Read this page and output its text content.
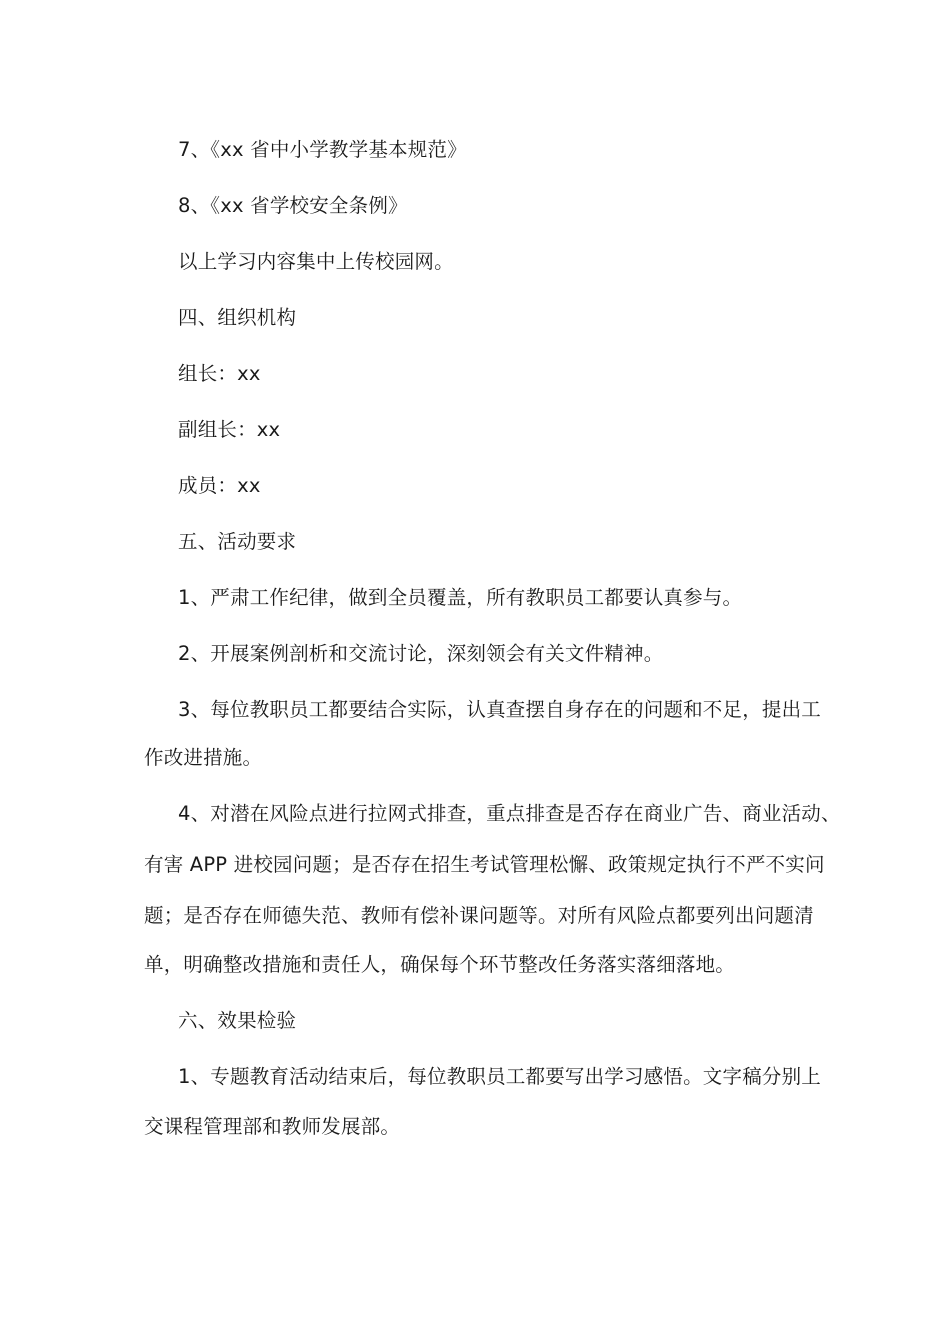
7、《xx 省中小学教学基本规范》
8、《xx 省学校安全条例》
以上学习内容集中上传校园网。
四、组织机构
组长：xx
副组长：xx
成员：xx
五、活动要求
1、严肃工作纪律，做到全员覆盖，所有教职员工都要认真参与。
2、开展案例剖析和交流讨论，深刻领会有关文件精神。
3、每位教职员工都要结合实际，认真查摆自身存在的问题和不足，提出工
作改进措施。
4、对潜在风险点进行拉网式排查，重点排查是否存在商业广告、商业活动、
有害 APP 进校园问题；是否存在招生考试管理松懈、政策规定执行不严不实问
题；是否存在师德失范、教师有偿补课问题等。对所有风险点都要列出问题清
单，明确整改措施和责任人，确保每个环节整改任务落实落细落地。
六、效果检验
1、专题教育活动结束后，每位教职员工都要写出学习感悟。文字稿分别上
交课程管理部和教师发展部。
